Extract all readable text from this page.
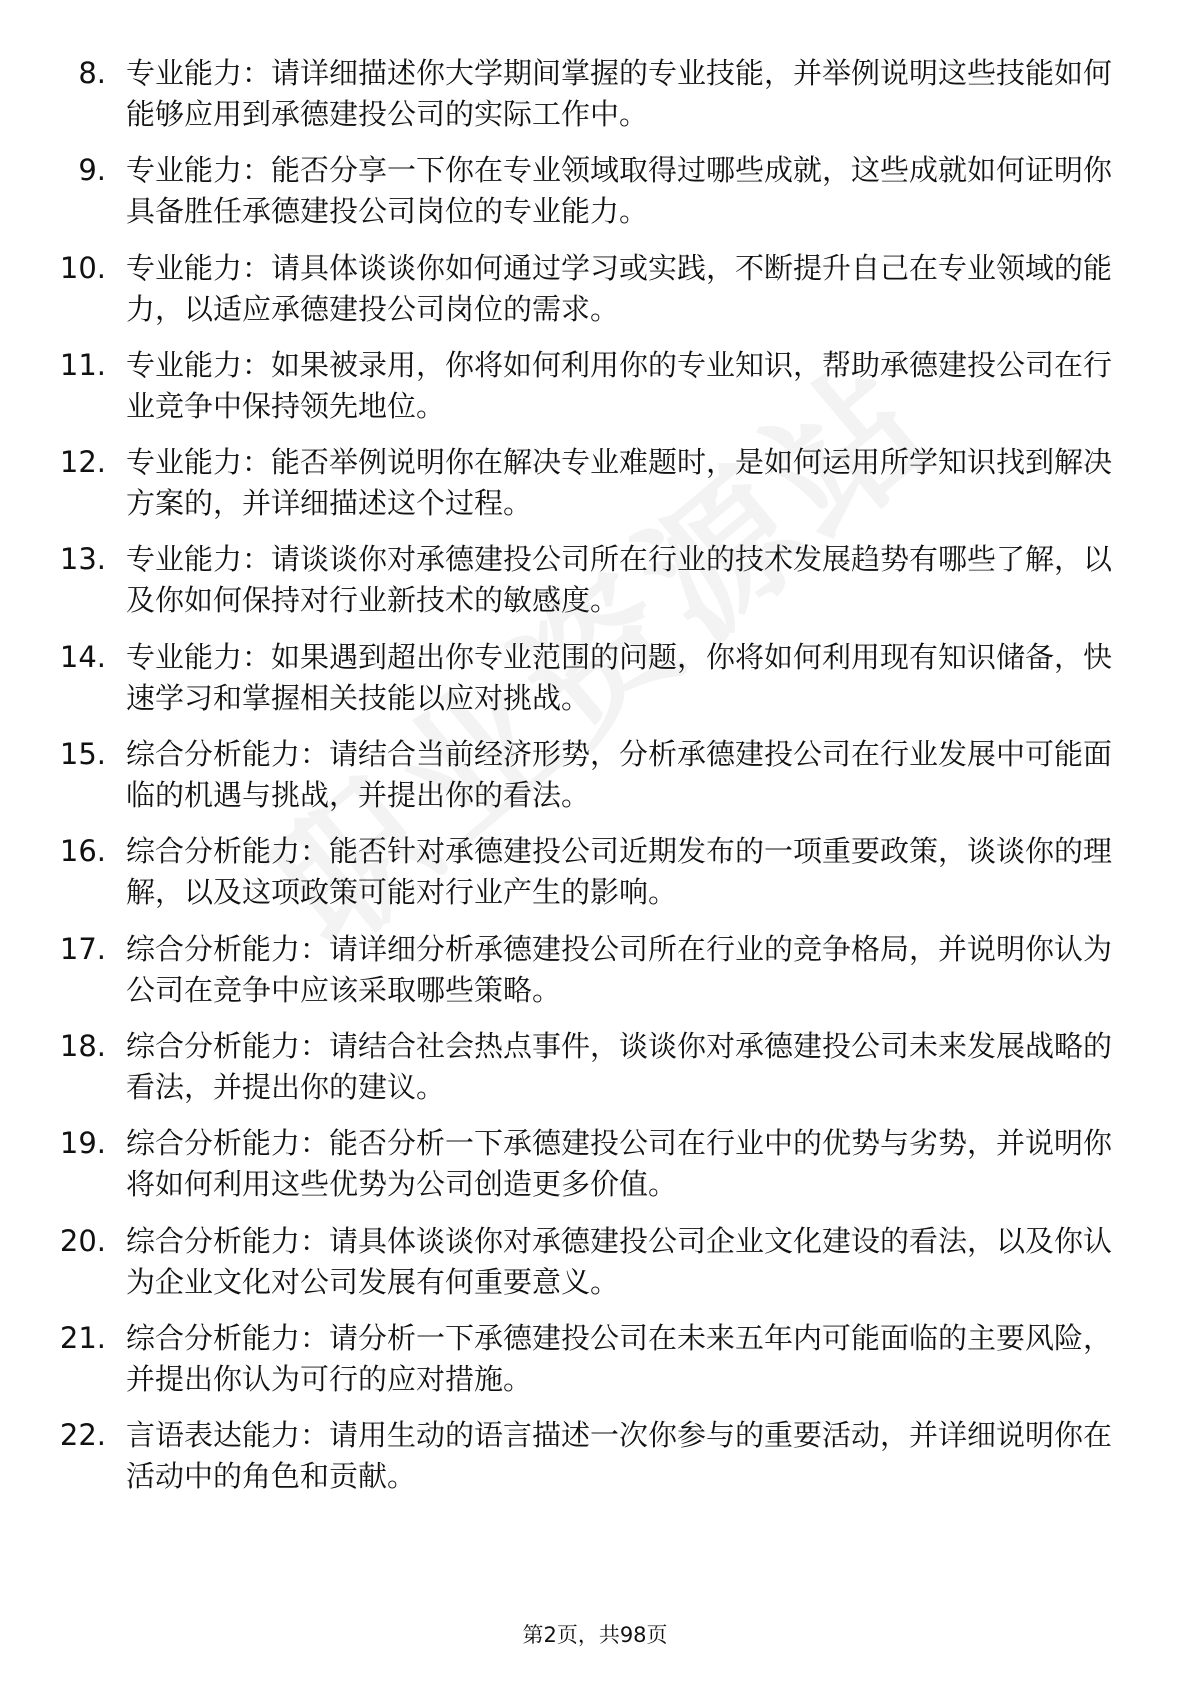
8. 专业能力：请详细描述你大学期间掌握的专业技能，并举例说明这些技能如何能够应用到承德建投公司的实际工作中。
9. 专业能力：能否分享一下你在专业领域取得过哪些成就，这些成就如何证明你具备胜任承德建投公司岗位的专业能力。
10. 专业能力：请具体谈谈你如何通过学习或实践，不断提升自己在专业领域的能力，以适应承德建投公司岗位的需求。
11. 专业能力：如果被录用，你将如何利用你的专业知识，帮助承德建投公司在行业竞争中保持领先地位。
12. 专业能力：能否举例说明你在解决专业难题时，是如何运用所学知识找到解决方案的，并详细描述这个过程。
13. 专业能力：请谈谈你对承德建投公司所在行业的技术发展趋势有哪些了解，以及你如何保持对行业新技术的敏感度。
14. 专业能力：如果遇到超出你专业范围的问题，你将如何利用现有知识储备，快速学习和掌握相关技能以应对挑战。
15. 综合分析能力：请结合当前经济形势，分析承德建投公司在行业发展中可能面临的机遇与挑战，并提出你的看法。
16. 综合分析能力：能否针对承德建投公司近期发布的一项重要政策，谈谈你的理解，以及这项政策可能对行业产生的影响。
17. 综合分析能力：请详细分析承德建投公司所在行业的竞争格局，并说明你认为公司在竞争中应该采取哪些策略。
18. 综合分析能力：请结合社会热点事件，谈谈你对承德建投公司未来发展战略的看法，并提出你的建议。
19. 综合分析能力：能否分析一下承德建投公司在行业中的优势与劣势，并说明你将如何利用这些优势为公司创造更多价值。
20. 综合分析能力：请具体谈谈你对承德建投公司企业文化建设的看法，以及你认为企业文化对公司发展有何重要意义。
21. 综合分析能力：请分析一下承德建投公司在未来五年内可能面临的主要风险，并提出你认为可行的应对措施。
22. 言语表达能力：请用生动的语言描述一次你参与的重要活动，并详细说明你在活动中的角色和贡献。
第2页，共98页
